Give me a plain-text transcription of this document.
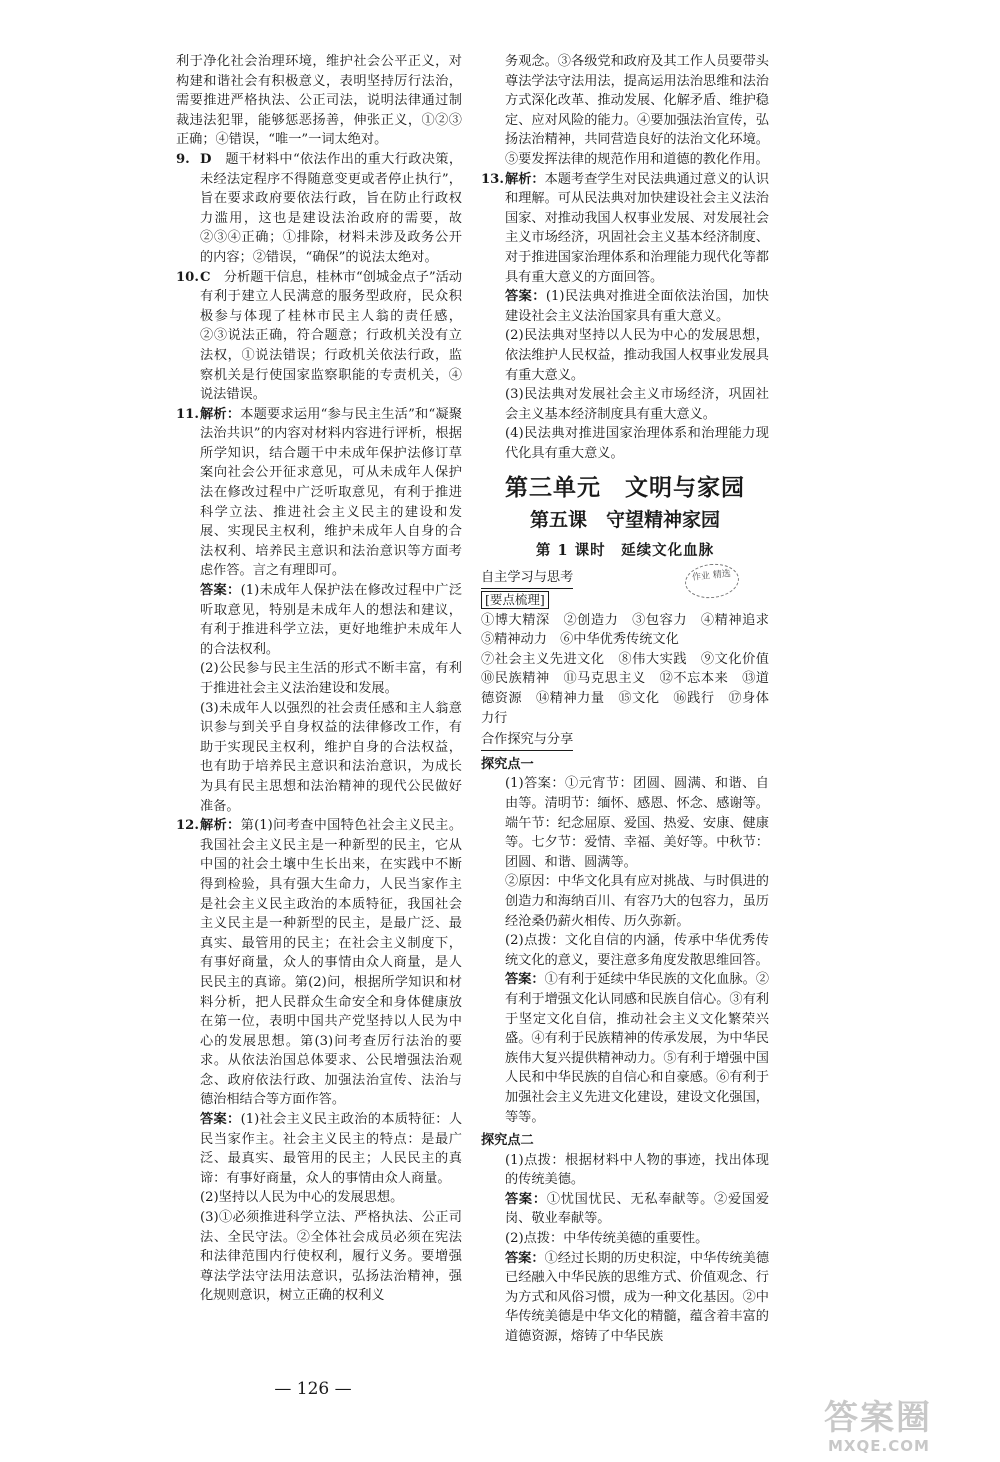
利于净化社会治理环境，维护社会公平正义，对构建和谐社会有积极意义，表明坚持厉行法治，需要推进严格执法、公正司法，说明法律通过制裁违法犯罪，能够惩恶扬善，伸张正义，①②③正确；④错误，“唯一”一词太绝对。

9. D　 题干材料中“依法作出的重大行政决策，未经法定程序不得随意变更或者停止执行”，旨在要求政府要依法行政，旨在防止行政权力滥用，这也是建设法治政府的需要，故②③④正确；①排除，材料未涉及政务公开的内容；②错误，“确保”的说法太绝对。

10. C　 分析题干信息，桂林市“创城金点子”活动有利于建立人民满意的服务型政府，民众积极参与体现了桂林市民主人翁的责任感，②③说法正确，符合题意；行政机关没有立法权，①说法错误；行政机关依法行政，监察机关是行使国家监察职能的专责机关，④说法错误。

11. 解析：本题要求运用“参与民主生活”和“凝聚法治共识”的内容对材料内容进行评析，根据所学知识，结合题干中未成年保护法修订草案向社会公开征求意见，可从未成年人保护法在修改过程中广泛听取意见，有利于推进科学立法、推进社会主义民主的建设和发展、实现民主权利，维护未成年人自身的合法权利、培养民主意识和法治意识等方面考虑作答。言之有理即可。

答案：(1)未成年人保护法在修改过程中广泛听取意见，特别是未成年人的想法和建议，有利于推进科学立法，更好地维护未成年人的合法权利。

(2)公民参与民主生活的形式不断丰富，有利于推进社会主义法治建设和发展。

(3)未成年人以强烈的社会责任感和主人翁意识参与到关乎自身权益的法律修改工作，有助于实现民主权利，维护自身的合法权益，也有助于培养民主意识和法治意识，为成长为具有民主思想和法治精神的现代公民做好准备。

12. 解析：第(1)问考查中国特色社会主义民主。我国社会主义民主是一种新型的民主，它从中国的社会土壤中生长出来，在实践中不断得到检验，具有强大生命力，人民当家作主是社会主义民主政治的本质特征，我国社会主义民主是一种新型的民主，是最广泛、最真实、最管用的民主；在社会主义制度下，有事好商量，众人的事情由众人商量，是人民民主的真谛。第(2)问，根据所学知识和材料分析，把人民群众生命安全和身体健康放在第一位，表明中国共产党坚持以人民为中心的发展思想。第(3)问考查厉行法治的要求。从依法治国总体要求、公民增强法治观念、政府依法行政、加强法治宣传、法治与德治相结合等方面作答。

答案：(1)社会主义民主政治的本质特征：人民当家作主。社会主义民主的特点：是最广泛、最真实、最管用的民主；人民民主的真谛：有事好商量，众人的事情由众人商量。

(2)坚持以人民为中心的发展思想。

(3)①必须推进科学立法、严格执法、公正司法、全民守法。②全体社会成员必须在宪法和法律范围内行使权利，履行义务。要增强尊法学法守法用法意识，弘扬法治精神，强化规则意识，树立正确的权利义

— 126 —

务观念。③各级党和政府及其工作人员要带头尊法学法守法用法，提高运用法治思维和法治方式深化改革、推动发展、化解矛盾、维护稳定、应对风险的能力。④要加强法治宣传，弘扬法治精神，共同营造良好的法治文化环境。⑤要发挥法律的规范作用和道德的教化作用。

13. 解析：本题考查学生对民法典通过意义的认识和理解。可从民法典对加快建设社会主义法治国家、对推动我国人权事业发展、对发展社会主义市场经济，巩固社会主义基本经济制度、对于推进国家治理体系和治理能力现代化等都具有重大意义的方面回答。

答案：(1)民法典对推进全面依法治国，加快建设社会主义法治国家具有重大意义。

(2)民法典对坚持以人民为中心的发展思想，依法维护人民权益，推动我国人权事业发展具有重大意义。

(3)民法典对发展社会主义市场经济，巩固社会主义基本经济制度具有重大意义。

(4)民法典对推进国家治理体系和治理能力现代化具有重大意义。

第三单元　文明与家园
第五课　守望精神家园
第 1 课时　延续文化血脉
自主学习与思考	作业 精选
[要点梳理]

①博大精深　②创造力　③包容力　④精神追求　⑤精神动力　⑥中华优秀传统文化

⑦社会主义先进文化　⑧伟大实践　⑨文化价值　⑩民族精神　⑪马克思主义　⑫不忘本来　⑬道德资源　⑭精神力量　⑮文化　⑯践行　⑰身体力行

合作探究与分享
探究点一

(1)答案：①元宵节：团圆、圆满、和谐、自由等。清明节：缅怀、感恩、怀念、感谢等。端午节：纪念屈原、爱国、热爱、安康、健康等。七夕节：爱情、幸福、美好等。中秋节：团圆、和谐、圆满等。

②原因：中华文化具有应对挑战、与时俱进的创造力和海纳百川、有容乃大的包容力，虽历经沧桑仍薪火相传、历久弥新。

(2)点拨：文化自信的内涵，传承中华优秀传统文化的意义，要注意多角度发散思维回答。

答案：①有利于延续中华民族的文化血脉。②有利于增强文化认同感和民族自信心。③有利于坚定文化自信，推动社会主义文化繁荣兴盛。④有利于民族精神的传承发展，为中华民族伟大复兴提供精神动力。⑤有利于增强中国人民和中华民族的自信心和自豪感。⑥有利于加强社会主义先进文化建设，建设文化强国，等等。

探究点二

(1)点拨：根据材料中人物的事迹，找出体现的传统美德。

答案：①忧国忧民、无私奉献等。②爱国爱岗、敬业奉献等。

(2)点拨：中华传统美德的重要性。

答案：①经过长期的历史积淀，中华传统美德已经融入中华民族的思维方式、价值观念、行为方式和风俗习惯，成为一种文化基因。②中华传统美德是中华文化的精髓，蕴含着丰富的道德资源，熔铸了中华民族

答案圈
MXQE.COM
